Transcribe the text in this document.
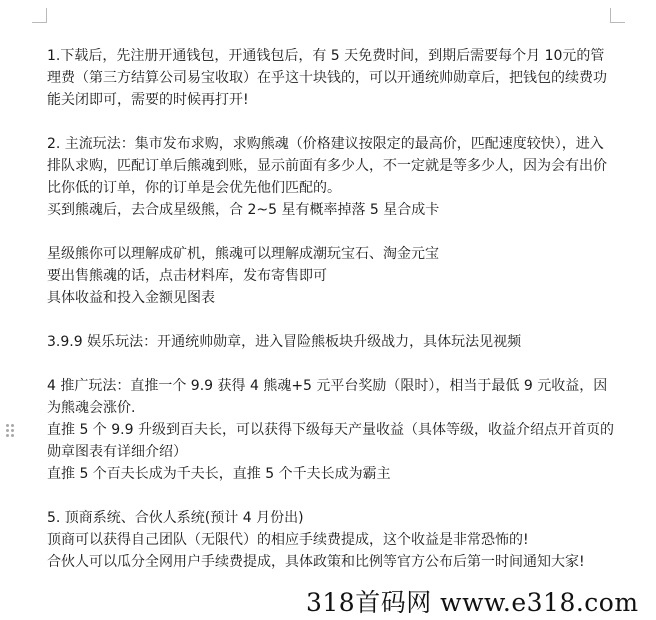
1.下载后，先注册开通钱包，开通钱包后，有 5 天免费时间，到期后需要每个月 10元的管理费（第三方结算公司易宝收取）在乎这十块钱的，可以开通统帅勋章后，把钱包的续费功能关闭即可，需要的时候再打开!

2. 主流玩法：集市发布求购，求购熊魂（价格建议按限定的最高价，匹配速度较快），进入排队求购，匹配订单后熊魂到账，显示前面有多少人，不一定就是等多少人，因为会有出价比你低的订单，你的订单是会优先他们匹配的。

买到熊魂后，去合成星级熊，合 2~5 星有概率掉落 5 星合成卡

星级熊你可以理解成矿机，熊魂可以理解成潮玩宝石、淘金元宝

要出售熊魂的话，点击材料库，发布寄售即可

具体收益和投入金额见图表

3.9.9 娱乐玩法：开通统帅勋章，进入冒险熊板块升级战力，具体玩法见视频

4 推广玩法：直推一个 9.9 获得 4 熊魂+5 元平台奖励（限时），相当于最低 9 元收益，因为熊魂会涨价.

直推 5 个 9.9 升级到百夫长，可以获得下级每天产量收益（具体等级，收益介绍点开首页的勋章图表有详细介绍）

直推 5 个百夫长成为千夫长，直推 5 个千夫长成为霸主

5. 顶商系统、合伙人系统(预计 4 月份出)

顶商可以获得自己团队（无限代）的相应手续费提成，这个收益是非常恐怖的!

合伙人可以瓜分全网用户手续费提成，具体政策和比例等官方公布后第一时间通知大家!

318首码网 www.e318.com
